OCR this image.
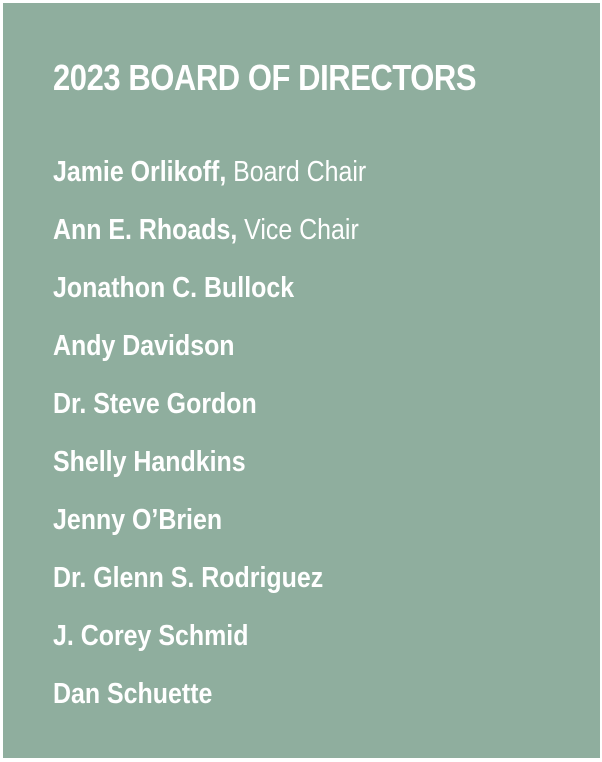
2023 BOARD OF DIRECTORS
Jamie Orlikoff, Board Chair
Ann E. Rhoads, Vice Chair
Jonathon C. Bullock
Andy Davidson
Dr. Steve Gordon
Shelly Handkins
Jenny O’Brien
Dr. Glenn S. Rodriguez
J. Corey Schmid
Dan Schuette
